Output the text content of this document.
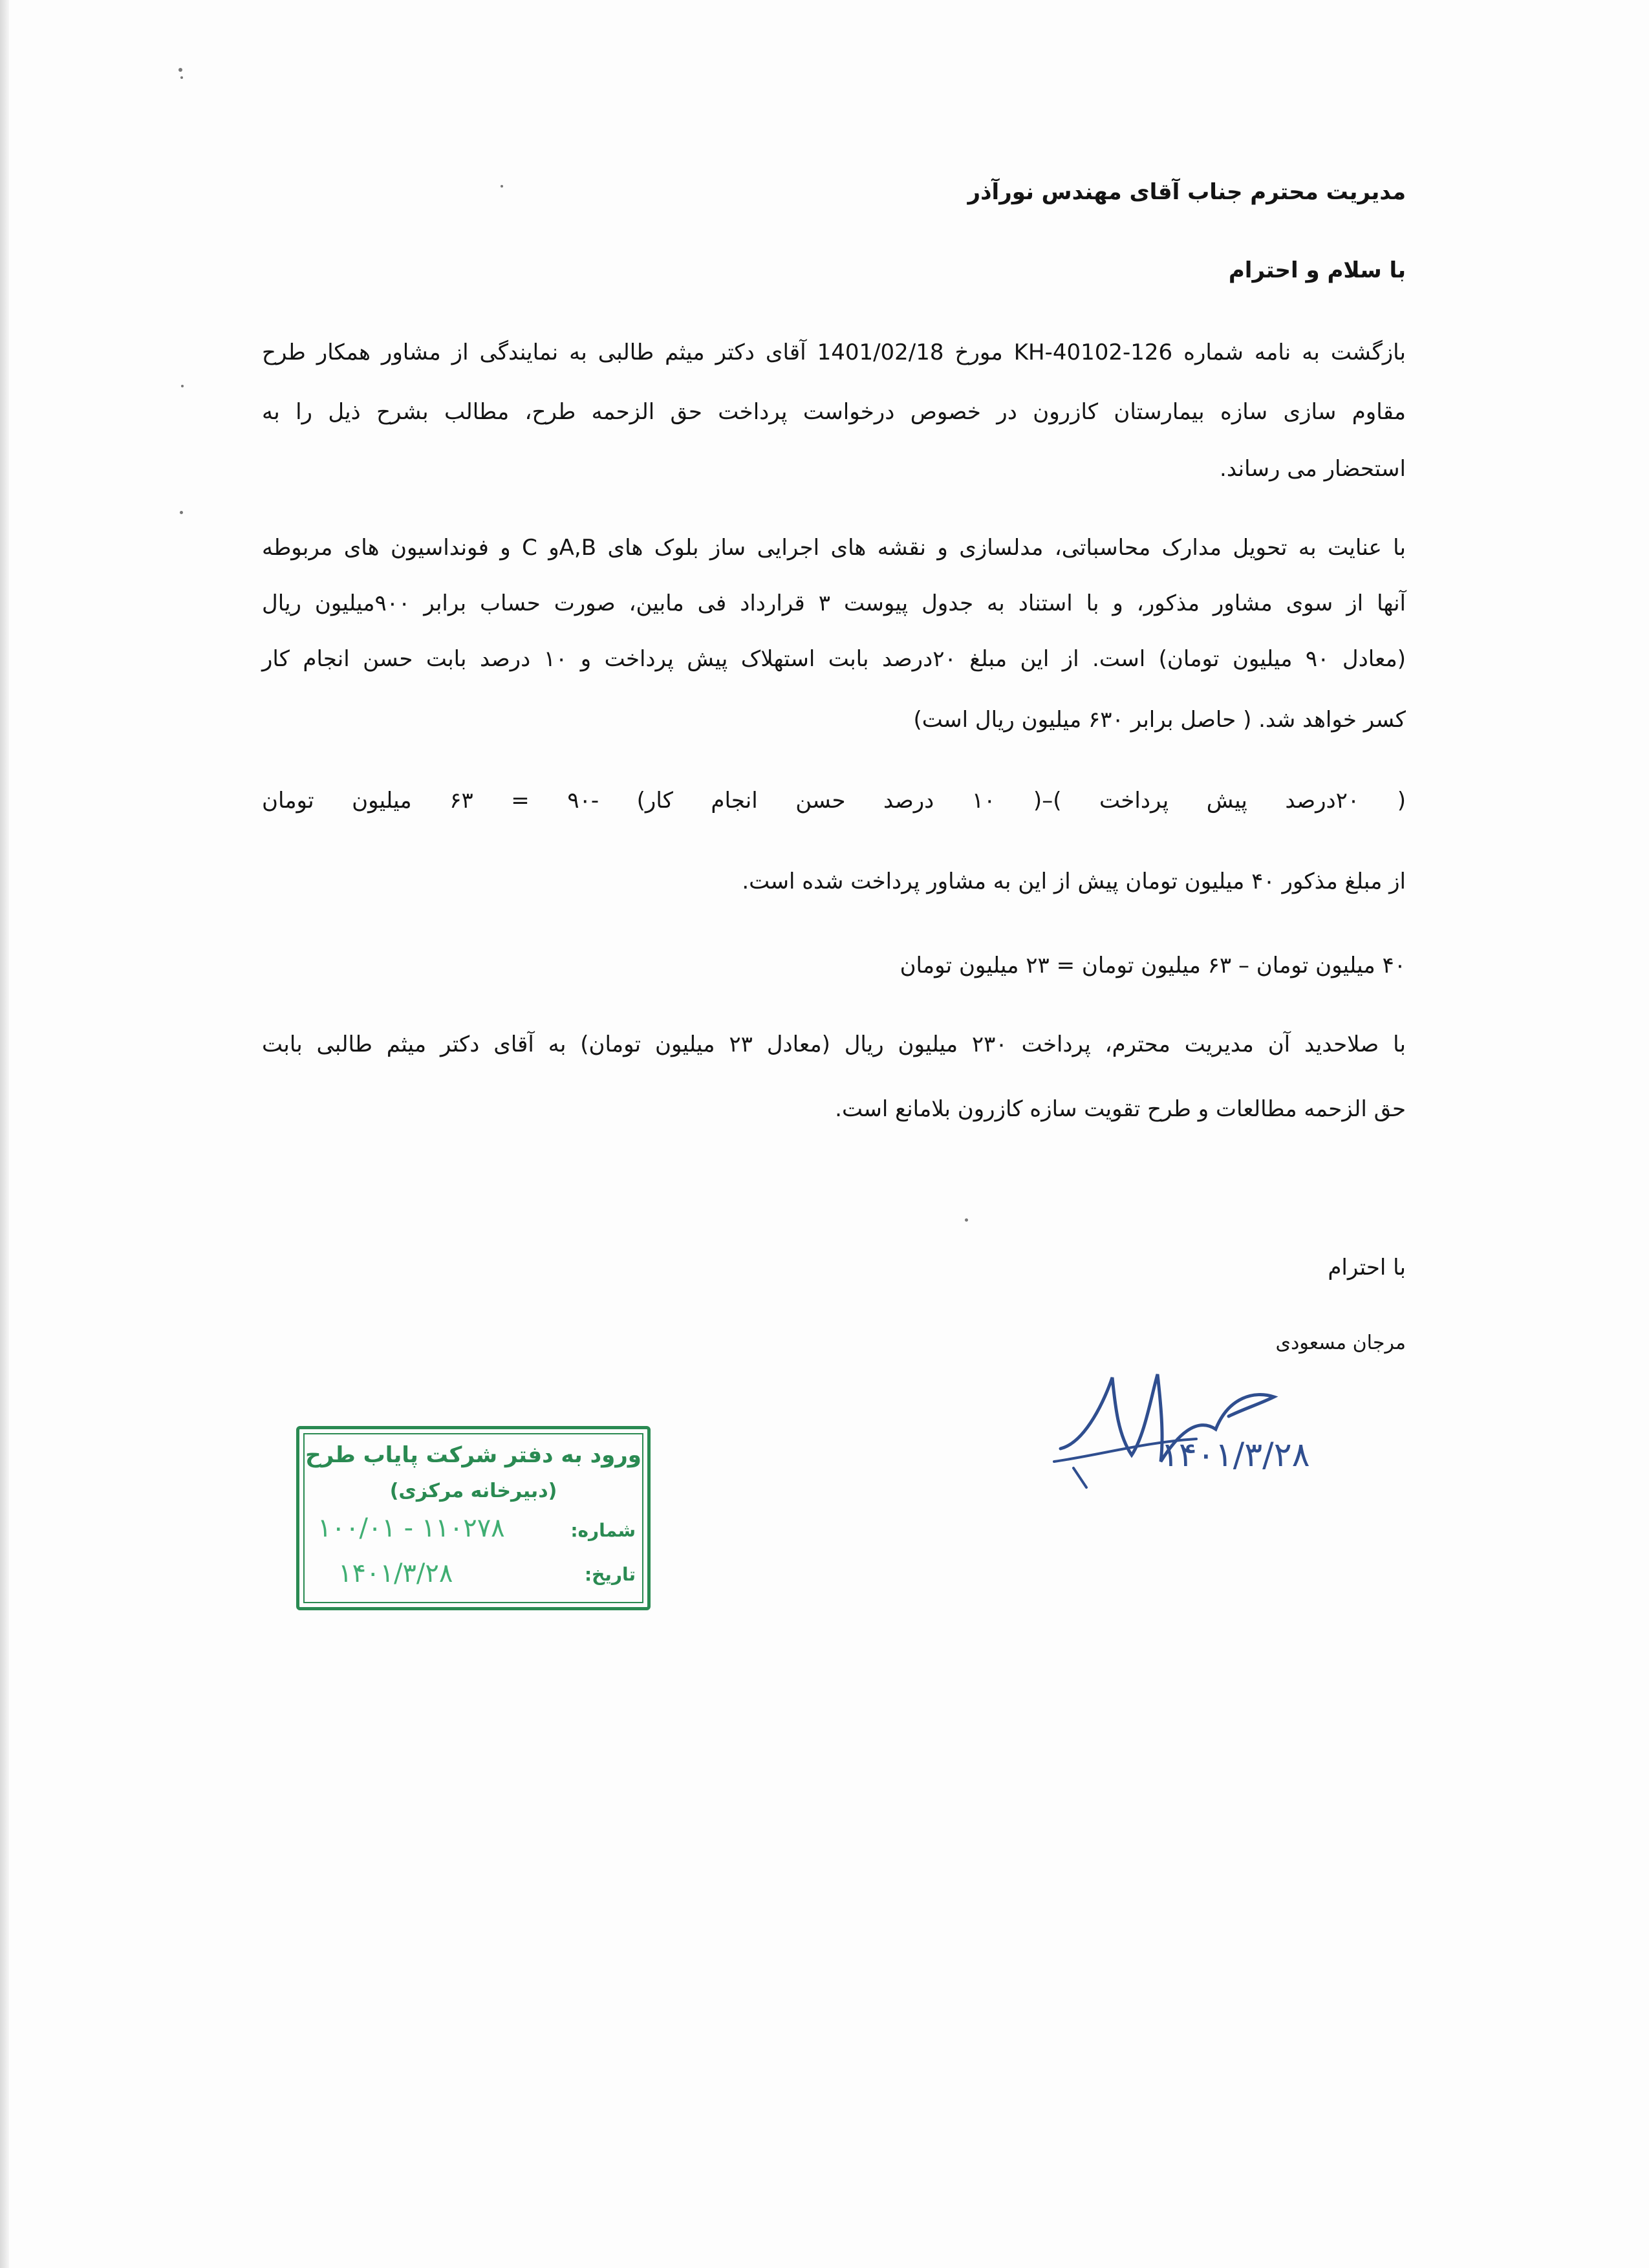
مدیریت محترم جناب آقای مهندس نورآذر

با سلام و احترام

بازگشت به نامه شماره KH-40102-126 مورخ 1401/02/18 آقای دکتر میثم طالبی به نمایندگی از مشاور همکار طرح

مقاوم سازی سازه بیمارستان کازرون در خصوص درخواست پرداخت حق الزحمه طرح، مطالب بشرح ذیل را به

استحضار می رساند.

با عنایت به تحویل مدارک محاسباتی، مدلسازی و نقشه های اجرایی ساز بلوک های A,Bو C و فونداسیون های مربوطه

آنها از سوی مشاور مذکور، و با استناد به جدول پیوست ۳ قرارداد فی مابین، صورت حساب برابر ۹۰۰میلیون ریال

(معادل ۹۰ میلیون تومان) است. از این مبلغ ۲۰درصد بابت استهلاک پیش پرداخت و ۱۰ درصد بابت حسن انجام کار

کسر خواهد شد. ( حاصل برابر ۶۳۰ میلیون ریال است)

( ۲۰درصد پیش پرداخت )–( ۱۰ درصد حسن انجام کار) -۹۰ = ۶۳ میلیون تومان

از مبلغ مذکور ۴۰ میلیون تومان پیش از این به مشاور پرداخت شده است.

۴۰ میلیون تومان – ۶۳ میلیون تومان = ۲۳ میلیون تومان

با صلاحدید آن مدیریت محترم، پرداخت ۲۳۰ میلیون ریال (معادل ۲۳ میلیون تومان) به آقای دکتر میثم طالبی بابت

حق الزحمه مطالعات و طرح تقویت سازه کازرون بلامانع است.

با احترام

مرجان مسعودی

۱۴۰۱/۳/۲۸

ورود به دفتر شرکت پایاب طرح

(دبیرخانه مرکزی)

شماره:

۱۰۰/۰۱ - ۱۱۰۲۷۸

تاریخ:

۱۴۰۱/۳/۲۸
